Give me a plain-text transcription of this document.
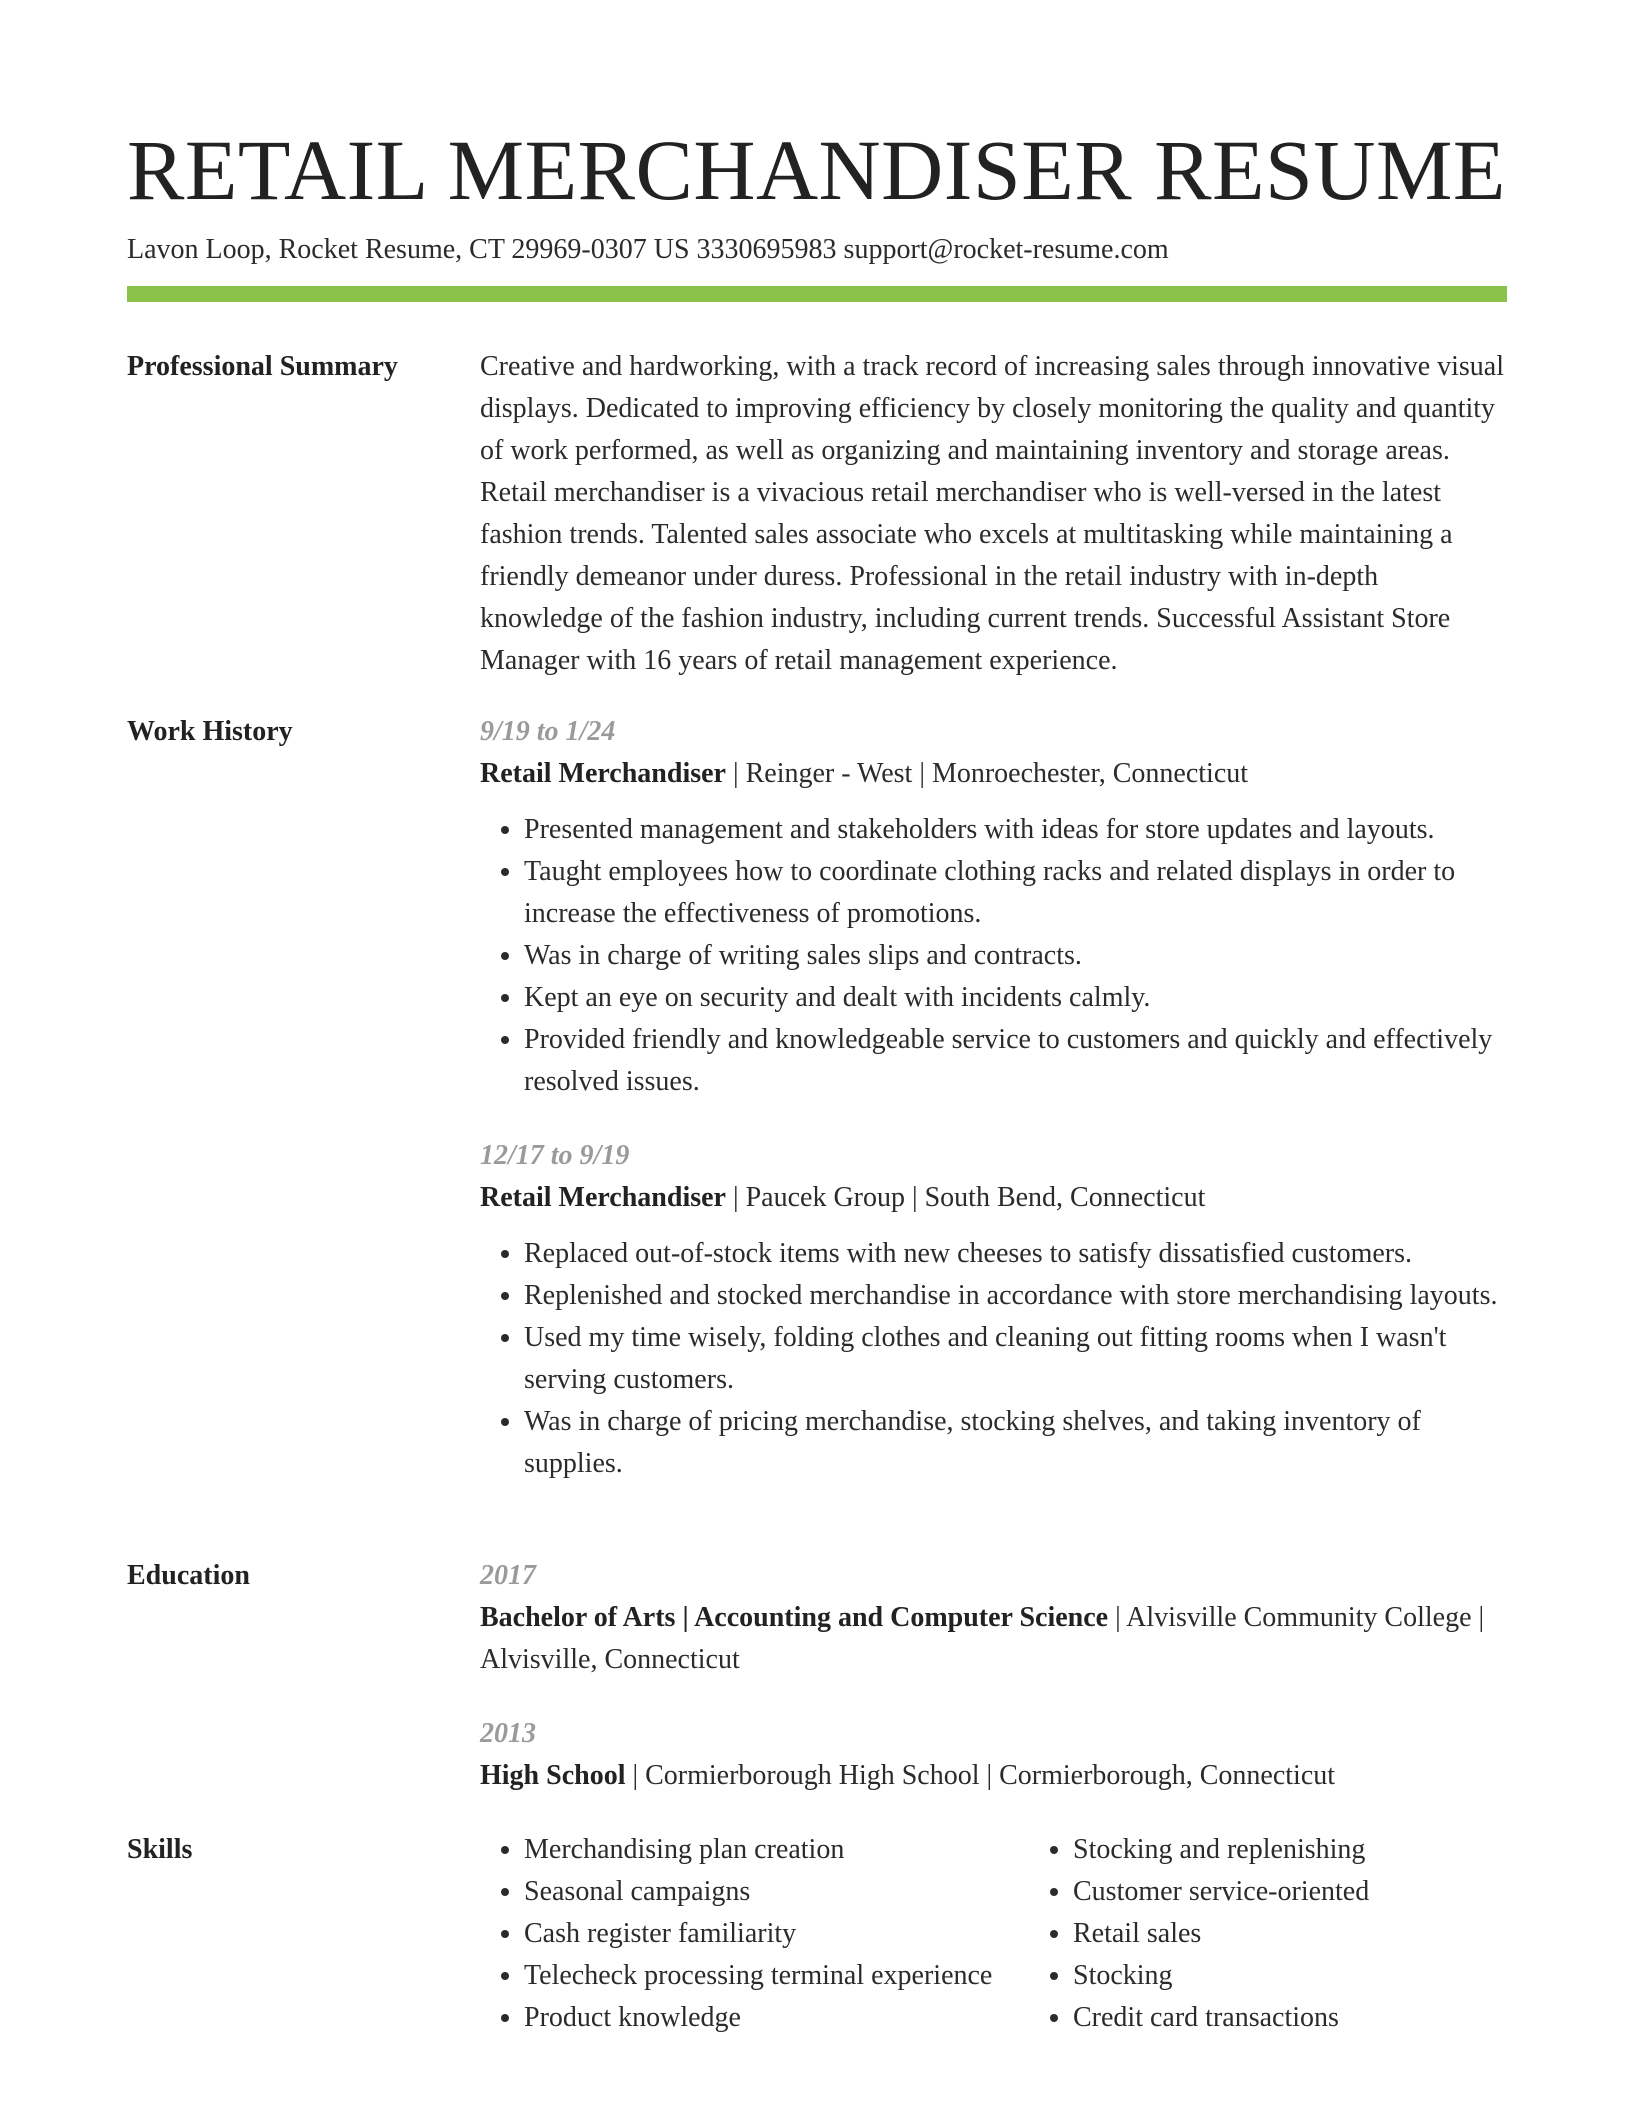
RETAIL MERCHANDISER RESUME
Lavon Loop, Rocket Resume, CT 29969-0307 US 3330695983 support@rocket-resume.com
Professional Summary	Creative and hardworking, with a track record of increasing sales through innovative visual displays. Dedicated to improving efficiency by closely monitoring the quality and quantity of work performed, as well as organizing and maintaining inventory and storage areas. Retail merchandiser is a vivacious retail merchandiser who is well-versed in the latest fashion trends. Talented sales associate who excels at multitasking while maintaining a friendly demeanor under duress. Professional in the retail industry with in-depth knowledge of the fashion industry, including current trends. Successful Assistant Store Manager with 16 years of retail management experience.

Work History	9/19 to 1/24

Retail Merchandiser | Reinger - West | Monroechester, Connecticut

• Presented management and stakeholders with ideas for store updates and layouts.
• Taught employees how to coordinate clothing racks and related displays in order to increase the effectiveness of promotions.
• Was in charge of writing sales slips and contracts.
• Kept an eye on security and dealt with incidents calmly.
• Provided friendly and knowledgeable service to customers and quickly and effectively resolved issues.

12/17 to 9/19

Retail Merchandiser | Paucek Group | South Bend, Connecticut

• Replaced out-of-stock items with new cheeses to satisfy dissatisfied customers.
• Replenished and stocked merchandise in accordance with store merchandising layouts.
• Used my time wisely, folding clothes and cleaning out fitting rooms when I wasn't serving customers.
• Was in charge of pricing merchandise, stocking shelves, and taking inventory of supplies.
Education	2017

Bachelor of Arts | Accounting and Computer Science | Alvisville Community College | Alvisville, Connecticut

2013

High School | Cormierborough High School | Cormierborough, Connecticut

Skills
•	Merchandising plan creation
• Seasonal campaigns
• Cash register familiarity
• Telecheck processing terminal experience
• Product knowledge
• Stocking and replenishing
• Customer service-oriented
• Retail sales
• Stocking
• Credit card transactions
